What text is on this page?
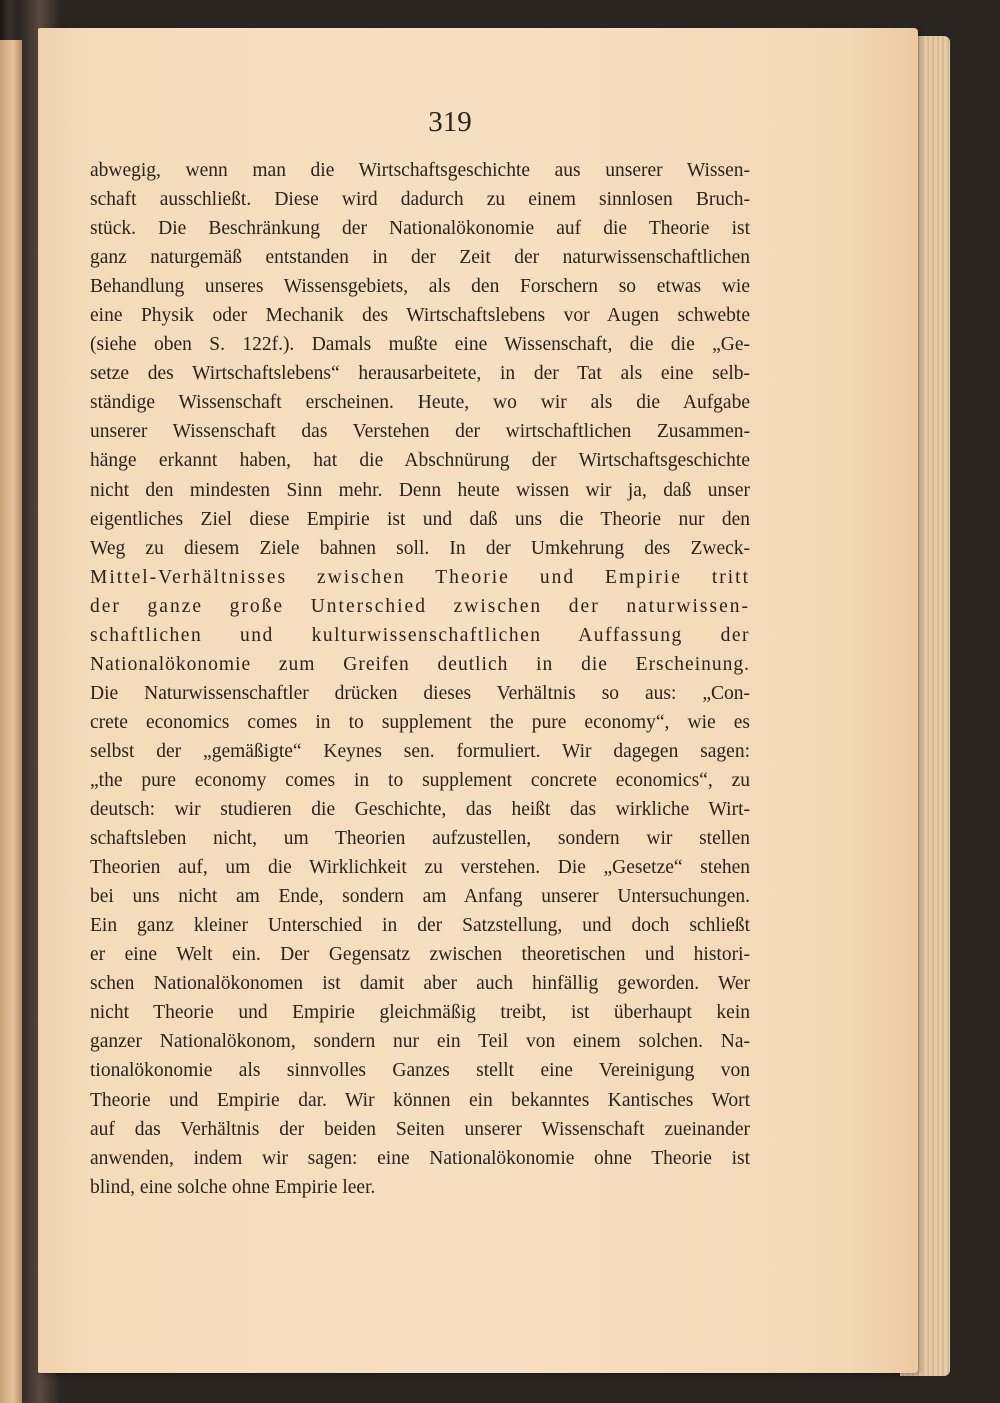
319
abwegig, wenn man die Wirtschaftsgeschichte aus unserer Wissen-
schaft ausschließt. Diese wird dadurch zu einem sinnlosen Bruch-
stück. Die Beschränkung der Nationalökonomie auf die Theorie ist
ganz naturgemäß entstanden in der Zeit der naturwissenschaftlichen
Behandlung unseres Wissensgebiets, als den Forschern so etwas wie
eine Physik oder Mechanik des Wirtschaftslebens vor Augen schwebte
(siehe oben S. 122f.). Damals mußte eine Wissenschaft, die die „Ge-
setze des Wirtschaftslebens“ herausarbeitete, in der Tat als eine selb-
ständige Wissenschaft erscheinen. Heute, wo wir als die Aufgabe
unserer Wissenschaft das Verstehen der wirtschaftlichen Zusammen-
hänge erkannt haben, hat die Abschnürung der Wirtschaftsgeschichte
nicht den mindesten Sinn mehr. Denn heute wissen wir ja, daß unser
eigentliches Ziel diese Empirie ist und daß uns die Theorie nur den
Weg zu diesem Ziele bahnen soll. In der Umkehrung des Zweck-
Mittel-Verhältnisses zwischen Theorie und Empirie tritt
der ganze große Unterschied zwischen der naturwissen-
schaftlichen und kulturwissenschaftlichen Auffassung der
Nationalökonomie zum Greifen deutlich in die Erscheinung.
Die Naturwissenschaftler drücken dieses Verhältnis so aus: „Con-
crete economics comes in to supplement the pure economy“, wie es
selbst der „gemäßigte“ Keynes sen. formuliert. Wir dagegen sagen:
„the pure economy comes in to supplement concrete economics“, zu
deutsch: wir studieren die Geschichte, das heißt das wirkliche Wirt-
schaftsleben nicht, um Theorien aufzustellen, sondern wir stellen
Theorien auf, um die Wirklichkeit zu verstehen. Die „Gesetze“ stehen
bei uns nicht am Ende, sondern am Anfang unserer Untersuchungen.
Ein ganz kleiner Unterschied in der Satzstellung, und doch schließt
er eine Welt ein. Der Gegensatz zwischen theoretischen und histori-
schen Nationalökonomen ist damit aber auch hinfällig geworden. Wer
nicht Theorie und Empirie gleichmäßig treibt, ist überhaupt kein
ganzer Nationalökonom, sondern nur ein Teil von einem solchen. Na-
tionalökonomie als sinnvolles Ganzes stellt eine Vereinigung von
Theorie und Empirie dar. Wir können ein bekanntes Kantisches Wort
auf das Verhältnis der beiden Seiten unserer Wissenschaft zueinander
anwenden, indem wir sagen: eine Nationalökonomie ohne Theorie ist
blind, eine solche ohne Empirie leer.
